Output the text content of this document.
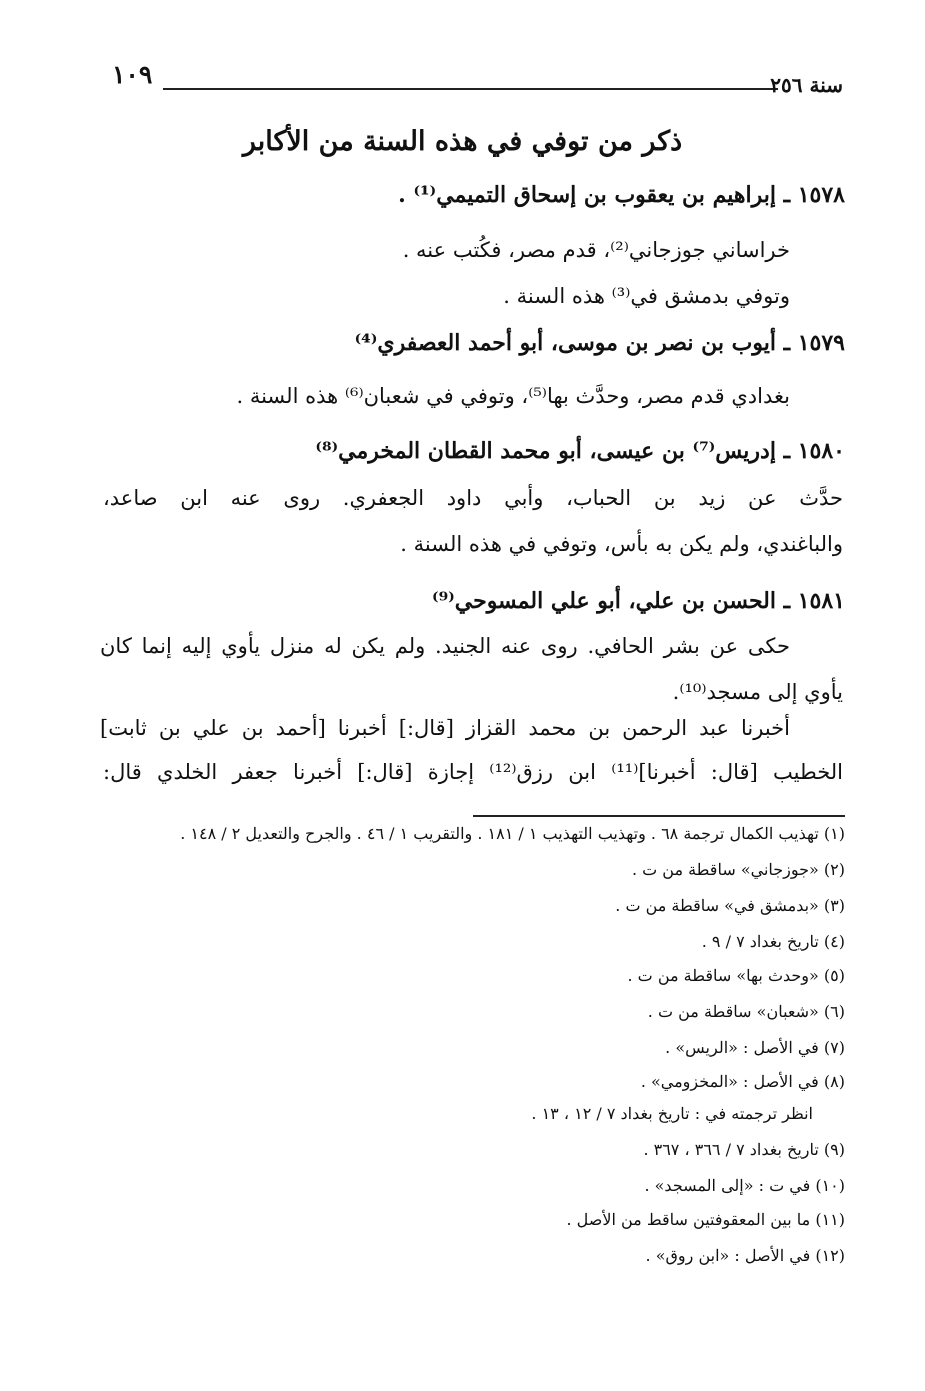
١٠٩	سنة ٢٥٦
ذكر من توفي في هذه السنة من الأكابر
١٥٧٨ ـ إبراهيم بن يعقوب بن إسحاق التميمي⁽¹⁾ .
خراساني جوزجاني⁽²⁾، قدم مصر، فكُتب عنه .
وتوفي بدمشق في⁽³⁾ هذه السنة .
١٥٧٩ ـ أيوب بن نصر بن موسى، أبو أحمد العصفري⁽⁴⁾
بغدادي قدم مصر، وحدَّث بها⁽⁵⁾، وتوفي في شعبان⁽⁶⁾ هذه السنة .
١٥٨٠ ـ إدريس⁽⁷⁾ بن عيسى، أبو محمد القطان المخرمي⁽⁸⁾
حدَّث عن زيد بن الحباب، وأبي داود الجعفري. روى عنه ابن صاعد،
والباغندي، ولم يكن به بأس، وتوفي في هذه السنة .
١٥٨١ ـ الحسن بن علي، أبو علي المسوحي⁽⁹⁾
حكى عن بشر الحافي. روى عنه الجنيد. ولم يكن له منزل يأوي إليه إنما كان
يأوي إلى مسجد⁽¹⁰⁾.
أخبرنا عبد الرحمن بن محمد القزاز [قال:] أخبرنا [أحمد بن علي بن ثابت]
الخطيب [قال: أخبرنا]⁽¹¹⁾ ابن رزق⁽¹²⁾ إجازة [قال:] أخبرنا جعفر الخلدي قال:
(١) تهذيب الكمال ترجمة ٦٨ . وتهذيب التهذيب ١ / ١٨١ . والتقريب ١ / ٤٦ . والجرح والتعديل ٢ / ١٤٨ .
(٢) «جوزجاني» ساقطة من ت .
(٣) «بدمشق في» ساقطة من ت .
(٤) تاريخ بغداد ٧ / ٩ .
(٥) «وحدث بها» ساقطة من ت .
(٦) «شعبان» ساقطة من ت .
(٧) في الأصل : «الريس» .
(٨) في الأصل : «المخزومي» .
انظر ترجمته في : تاريخ بغداد ٧ / ١٢ ، ١٣ .
(٩) تاريخ بغداد ٧ / ٣٦٦ ، ٣٦٧ .
(١٠) في ت : «إلى المسجد» .
(١١) ما بين المعقوفتين ساقط من الأصل .
(١٢) في الأصل : «ابن روق» .
